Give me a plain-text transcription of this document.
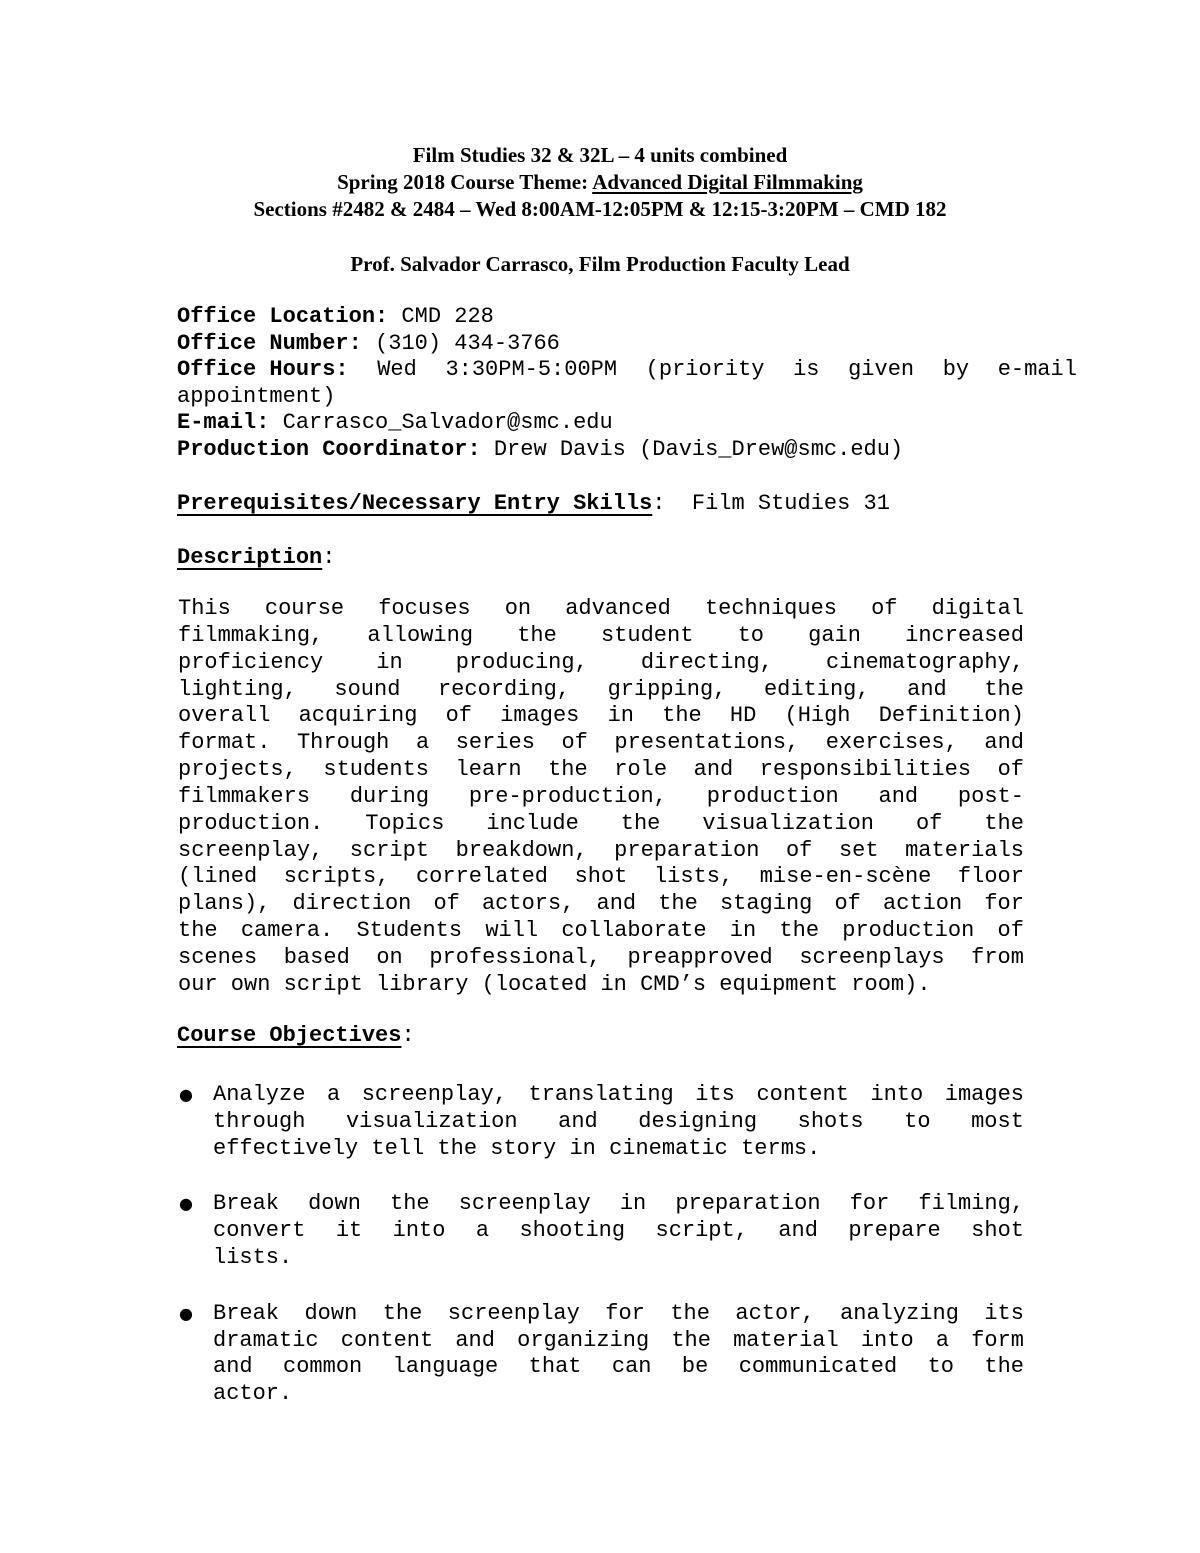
Film Studies 32 & 32L – 4 units combined
Spring 2018 Course Theme: Advanced Digital Filmmaking
Sections #2482 & 2484 – Wed 8:00AM-12:05PM & 12:15-3:20PM – CMD 182
Prof. Salvador Carrasco, Film Production Faculty Lead
Office Location: CMD 228
Office Number: (310) 434-3766
Office Hours: Wed 3:30PM-5:00PM (priority is given by e-mail
appointment)
E-mail: Carrasco_Salvador@smc.edu
Production Coordinator: Drew Davis (Davis_Drew@smc.edu)
Prerequisites/Necessary Entry Skills:  Film Studies 31
Description:
This course focuses on advanced techniques of digital
filmmaking, allowing the student to gain increased
proficiency in producing, directing, cinematography,
lighting, sound recording, gripping, editing, and the
overall acquiring of images in the HD (High Definition)
format. Through a series of presentations, exercises, and
projects, students learn the role and responsibilities of
filmmakers during pre-production, production and post-
production. Topics include the visualization of the
screenplay, script breakdown, preparation of set materials
(lined scripts, correlated shot lists, mise-en-scène floor
plans), direction of actors, and the staging of action for
the camera. Students will collaborate in the production of
scenes based on professional, preapproved screenplays from
our own script library (located in CMD’s equipment room).
Course Objectives:
● Analyze a screenplay, translating its content into images
through visualization and designing shots to most
effectively tell the story in cinematic terms.
● Break down the screenplay in preparation for filming,
convert it into a shooting script, and prepare shot
lists.
● Break down the screenplay for the actor, analyzing its
dramatic content and organizing the material into a form
and common language that can be communicated to the
actor.
